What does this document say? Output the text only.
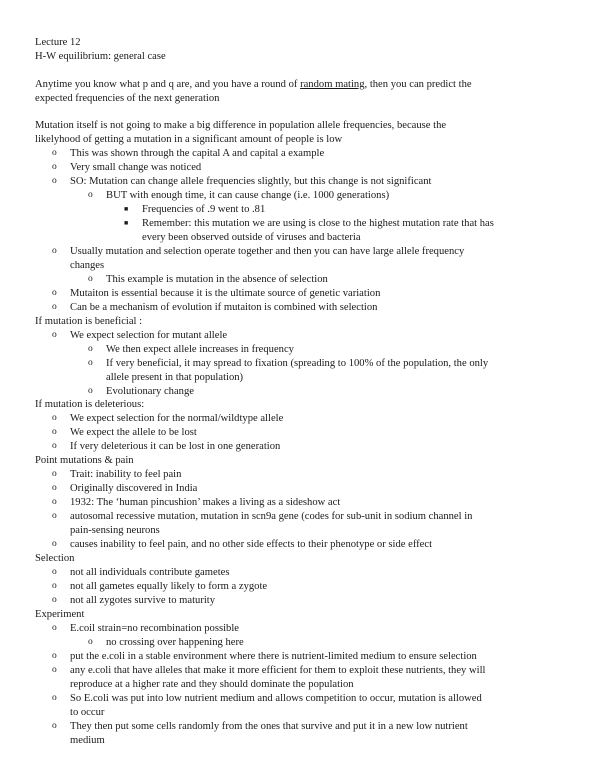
Lecture 12
H-W equilibrium: general case
Anytime you know what p and q are, and you have a round of random mating, then you can predict the
expected frequencies of the next generation
Mutation itself is not going to make a big difference in population allele frequencies, because the
likelyhood of getting a mutation in a significant amount of people is low
o This was shown through the capital A and capital a example
o Very small change was noticed
o SO: Mutation can change allele frequencies slightly, but this change is not significant
o BUT with enough time, it can cause change (i.e. 1000 generations)
■ Frequencies of .9 went to .81
■ Remember: this mutation we are using is close to the highest mutation rate that has
every been observed outside of viruses and bacteria
o Usually mutation and selection operate together and then you can have large allele frequency
changes
o This example is mutation in the absence of selection
o Mutaiton is essential because it is the ultimate source of genetic variation
o Can be a mechanism of evolution if mutaiton is combined with selection
If mutation is beneficial :
o We expect selection for mutant allele
o We then expect allele increases in frequency
o If very beneficial, it may spread to fixation (spreading to 100% of the population, the only
allele present in that population)
o Evolutionary change
If mutation is deleterious:
o We expect selection for the normal/wildtype allele
o We expect the allele to be lost
o If very deleterious it can be lost in one generation
Point mutations & pain
o Trait: inability to feel pain
o Originally discovered in India
o 1932: The ‘human pincushion’ makes a living as a sideshow act
o autosomal recessive mutation, mutation in scn9a gene (codes for sub-unit in sodium channel in
pain-sensing neurons
o causes inability to feel pain, and no other side effects to their phenotype or side effect
Selection
o not all individuals contribute gametes
o not all gametes equally likely to form a zygote
o not all zygotes survive to maturity
Experiment
o E.coil strain=no recombination possible
o no crossing over happening here
o put the e.coli in a stable environment where there is nutrient-limited medium to ensure selection
o any e.coli that have alleles that make it more efficient for them to exploit these nutrients, they will
reproduce at a higher rate and they should dominate the population
o So E.coli was put into low nutrient medium and allows competition to occur, mutation is allowed
to occur
o They then put some cells randomly from the ones that survive and put it in a new low nutrient
medium
